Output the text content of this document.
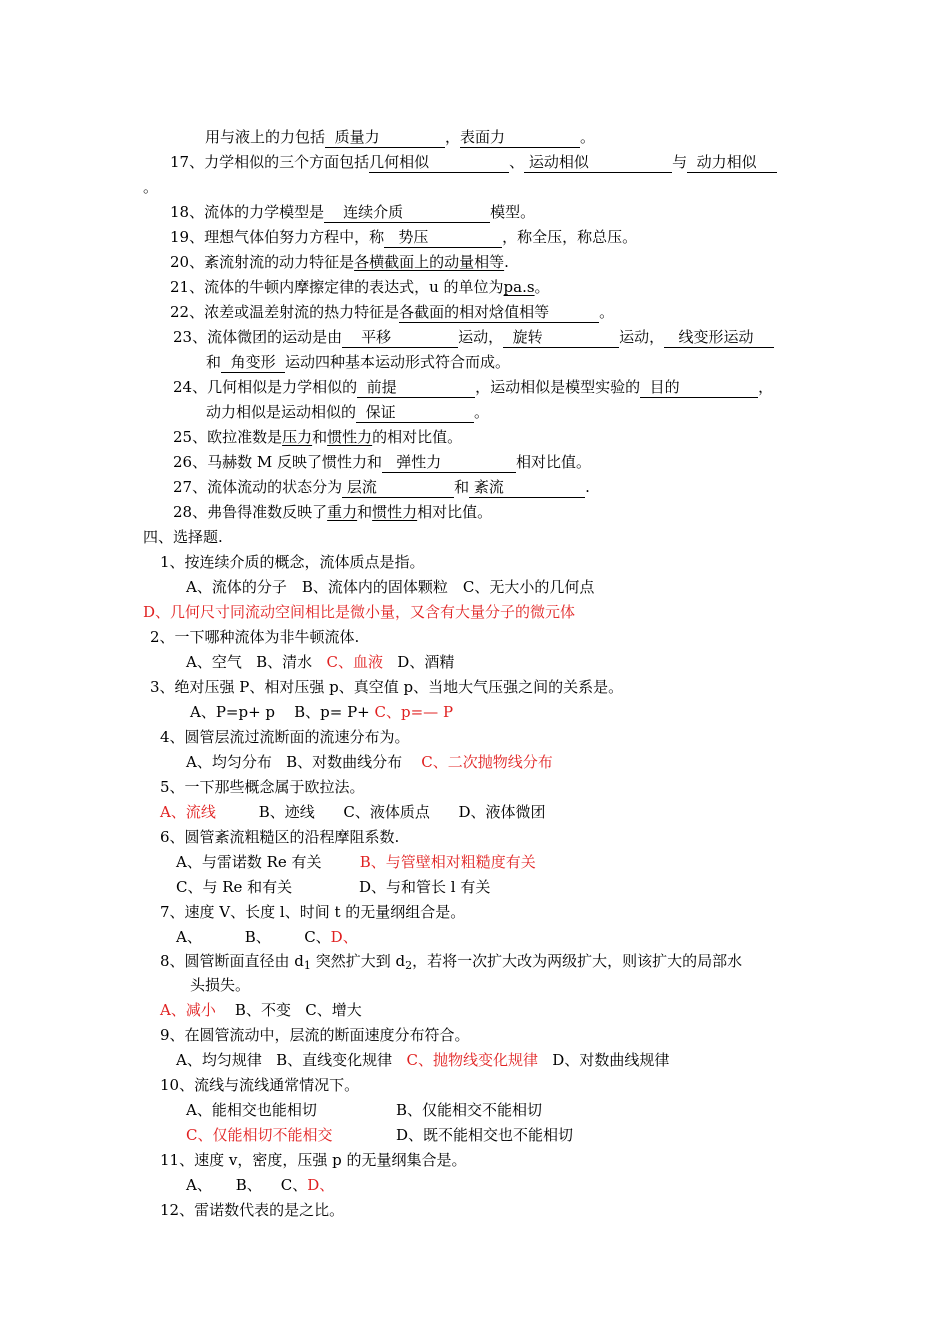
用与液上的力包括 质量力	，表面力	。
17、力学相似的三个方面包括几何相似	、 运动相似	与 动力相似
。
18、流体的力学模型是 连续介质	模型。
19、理想气体伯努力方程中，称 势压	，称全压，称总压。
20、紊流射流的动力特征是各横截面上的动量相等.
21、流体的牛顿内摩擦定律的表达式，u 的单位为pa.s。
22、浓差或温差射流的热力特征是各截面的相对焓值相等	。
23、流体微团的运动是由 平移	运动， 旋转	运动， 线变形运动
和 角变形 运动四种基本运动形式符合而成。
24、几何相似是力学相似的 前提	，运动相似是模型实验的 目的	，
动力相似是运动相似的 保证	。
25、欧拉准数是压力和惯性力的相对比值。
26、马赫数 M 反映了惯性力和 弹性力	相对比值。
27、流体流动的状态分为 层流	和 紊流	.
28、弗鲁得准数反映了重力和惯性力相对比值。
四、选择题.
1、按连续介质的概念，流体质点是指。
A、流体的分子　B、流体内的固体颗粒　C、无大小的几何点
D、几何尺寸同流动空间相比是微小量，又含有大量分子的微元体
2、一下哪种流体为非牛顿流体.
A、空气 B、清水 C、血液 D、酒精
3、绝对压强 P、相对压强 p、真空值 p、当地大气压强之间的关系是。
A、P=p+ p B、p= P+ C、p=— P
4、圆管层流过流断面的流速分布为。
A、均匀分布 B、对数曲线分布 C、二次抛物线分布
5、一下那些概念属于欧拉法。
A、流线	B、迹线 C、液体质点 D、液体微团
6、圆管紊流粗糙区的沿程摩阻系数.
A、与雷诺数 Re 有关	B、与管壁相对粗糙度有关
C、与 Re 和有关	D、与和管长 l 有关
7、速度 V、长度 l、时间 t 的无量纲组合是。
A、	B、 C、D、
8、圆管断面直径由 $d_1$ 突然扩大到 $d_2$，若将一次扩大改为两级扩大，则该扩大的局部水
头损失。
A、减小 B、不变 C、增大
9、在圆管流动中，层流的断面速度分布符合。
A、均匀规律 B、直线变化规律 C、抛物线变化规律 D、对数曲线规律
10、流线与流线通常情况下。
A、能相交也能相切	B、仅能相交不能相切
C、仅能相切不能相交	D、既不能相交也不能相切
11、速度 v，密度，压强 p 的无量纲集合是。
A、 B、 C、D、
12、雷诺数代表的是之比。
